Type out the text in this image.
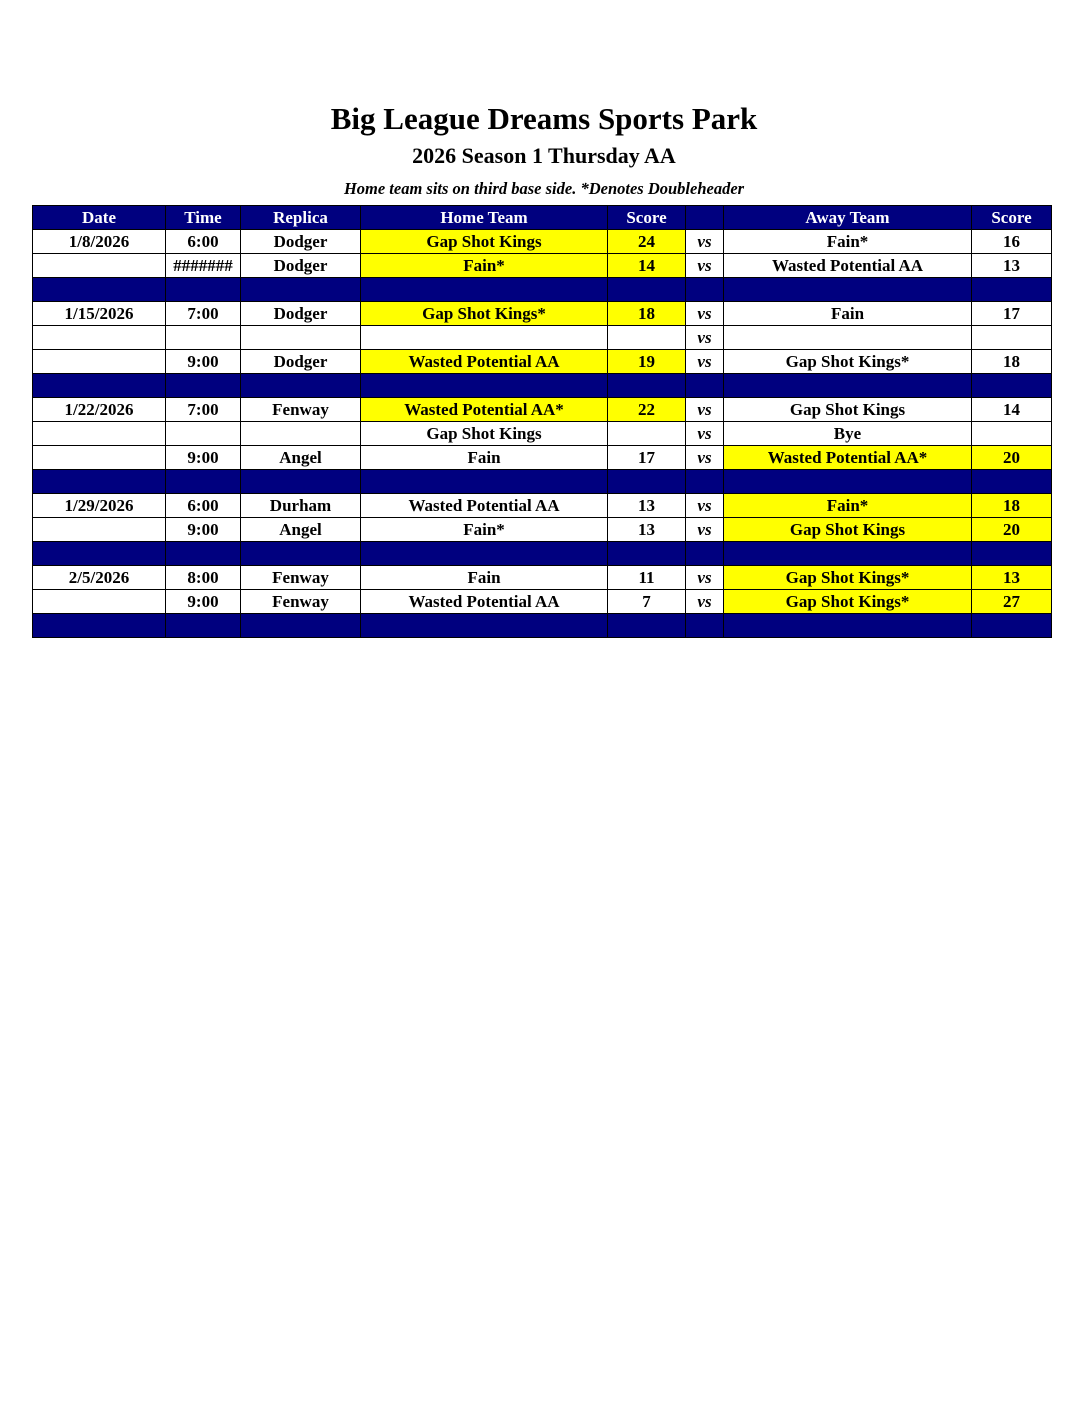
Big League Dreams Sports Park
2026 Season 1 Thursday AA
Home team sits on third base side. *Denotes Doubleheader
Date	Time	Replica	Home Team	Score		Away Team	Score
1/8/2026	6:00	Dodger	Gap Shot Kings	24	vs	Fain*	16
	#######	Dodger	Fain*	14	vs	Wasted Potential AA	13

1/15/2026	7:00	Dodger	Gap Shot Kings*	18	vs	Fain	17
					vs		
	9:00	Dodger	Wasted Potential AA	19	vs	Gap Shot Kings*	18

1/22/2026	7:00	Fenway	Wasted Potential AA*	22	vs	Gap Shot Kings	14
			Gap Shot Kings		vs	Bye	
	9:00	Angel	Fain	17	vs	Wasted Potential AA*	20

1/29/2026	6:00	Durham	Wasted Potential AA	13	vs	Fain*	18
	9:00	Angel	Fain*	13	vs	Gap Shot Kings	20

2/5/2026	8:00	Fenway	Fain	11	vs	Gap Shot Kings*	13
	9:00	Fenway	Wasted Potential AA	7	vs	Gap Shot Kings*	27
